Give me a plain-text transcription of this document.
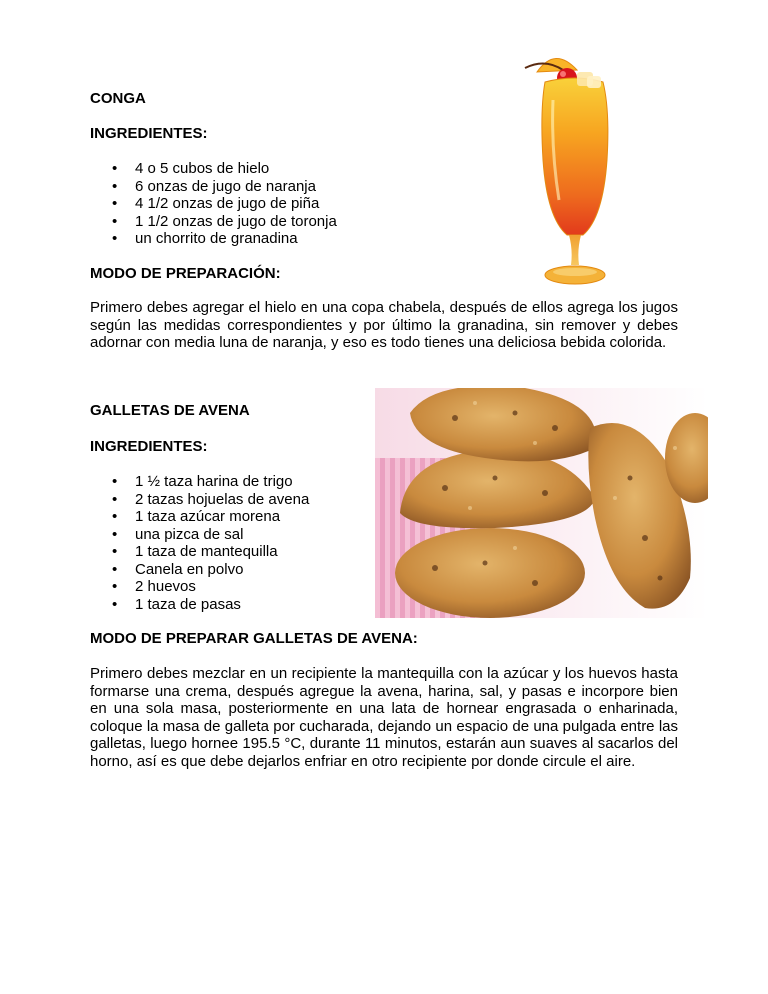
CONGA
INGREDIENTES:
• 4 o 5 cubos de hielo
• 6 onzas de jugo de naranja
• 4 1/2 onzas de jugo de piña
• 1 1/2 onzas de jugo de toronja
• un chorrito de granadina
MODO DE PREPARACIÓN:

Primero debes agregar el hielo en una copa chabela, después de ellos agrega los jugos según las medidas correspondientes y por último la granadina, sin remover y debes adornar con media luna de naranja, y eso es todo tienes una deliciosa bebida colorida.

GALLETAS DE AVENA
INGREDIENTES:
• 1 ½ taza harina de trigo
• 2 tazas hojuelas de avena
• 1 taza azúcar morena
• una pizca de sal
• 1 taza de mantequilla
• Canela en polvo
• 2 huevos
• 1 taza de pasas
MODO DE PREPARAR GALLETAS DE AVENA:

Primero debes mezclar en un recipiente la mantequilla con la azúcar y los huevos hasta formarse una crema, después agregue la avena, harina, sal, y pasas e incorpore bien en una sola masa, posteriormente en una lata de hornear engrasada o enharinada, coloque la masa de galleta por cucharada, dejando un espacio de una pulgada entre las galletas, luego hornee 195.5 °C, durante 11 minutos, estarán aun suaves al sacarlos del horno, así es que debe dejarlos enfriar en otro recipiente por donde circule el aire.
